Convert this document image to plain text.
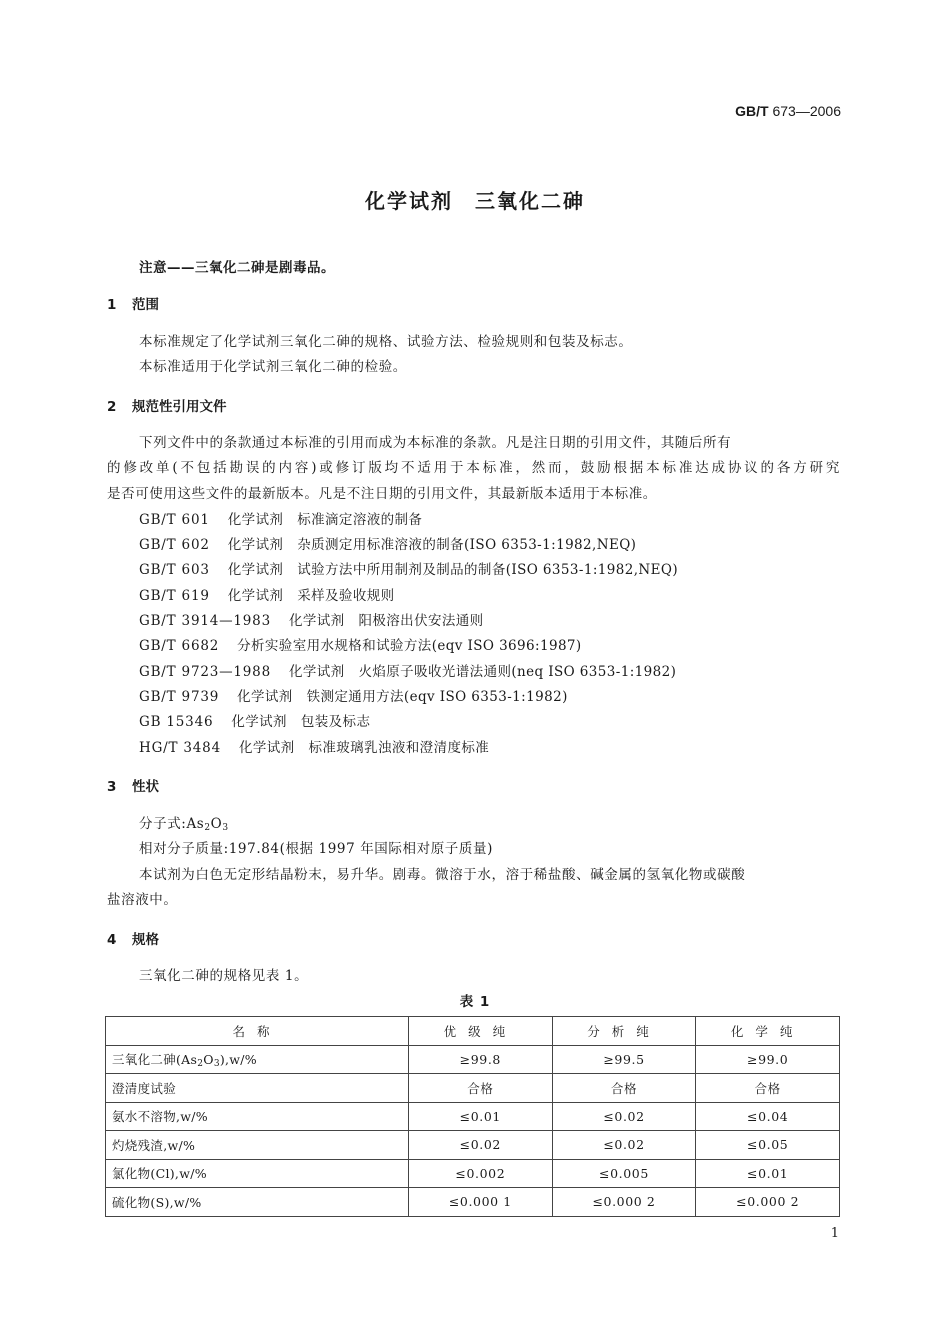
GB/T 673—2006
化学试剂　三氧化二砷
注意——三氧化二砷是剧毒品。
1 范围
本标准规定了化学试剂三氧化二砷的规格、试验方法、检验规则和包装及标志。
本标准适用于化学试剂三氧化二砷的检验。
2 规范性引用文件
下列文件中的条款通过本标准的引用而成为本标准的条款。凡是注日期的引用文件，其随后所有
的修改单(不包括勘误的内容)或修订版均不适用于本标准，然而，鼓励根据本标准达成协议的各方研究
是否可使用这些文件的最新版本。凡是不注日期的引用文件，其最新版本适用于本标准。
GB/T 601 化学试剂　标准滴定溶液的制备
GB/T 602 化学试剂　杂质测定用标准溶液的制备(ISO 6353-1:1982,NEQ)
GB/T 603 化学试剂　试验方法中所用制剂及制品的制备(ISO 6353-1:1982,NEQ)
GB/T 619 化学试剂　采样及验收规则
GB/T 3914—1983 化学试剂　阳极溶出伏安法通则
GB/T 6682 分析实验室用水规格和试验方法(eqv ISO 3696:1987)
GB/T 9723—1988 化学试剂　火焰原子吸收光谱法通则(neq ISO 6353-1:1982)
GB/T 9739 化学试剂　铁测定通用方法(eqv ISO 6353-1:1982)
GB 15346 化学试剂　包装及标志
HG/T 3484 化学试剂　标准玻璃乳浊液和澄清度标准
3 性状
分子式$:As_2O_3$
相对分子质量:197.84(根据 1997 年国际相对原子质量)
本试剂为白色无定形结晶粉末，易升华。剧毒。微溶于水，溶于稀盐酸、碱金属的氢氧化物或碳酸
盐溶液中。
4 规格
三氧化二砷的规格见表 1。
表 1
名称	优级纯	分析纯	化学纯
三氧化二砷$(As_2O_3),w/\%$	≥99.8	≥99.5	≥99.0
澄清度试验	合格	合格	合格
氨水不溶物,w/%	≤0.01	≤0.02	≤0.04
灼烧残渣,w/%	≤0.02	≤0.02	≤0.05
氯化物(Cl),w/%	≤0.002	≤0.005	≤0.01
硫化物(S),w/%	≤0.000 1	≤0.000 2	≤0.000 2
1
